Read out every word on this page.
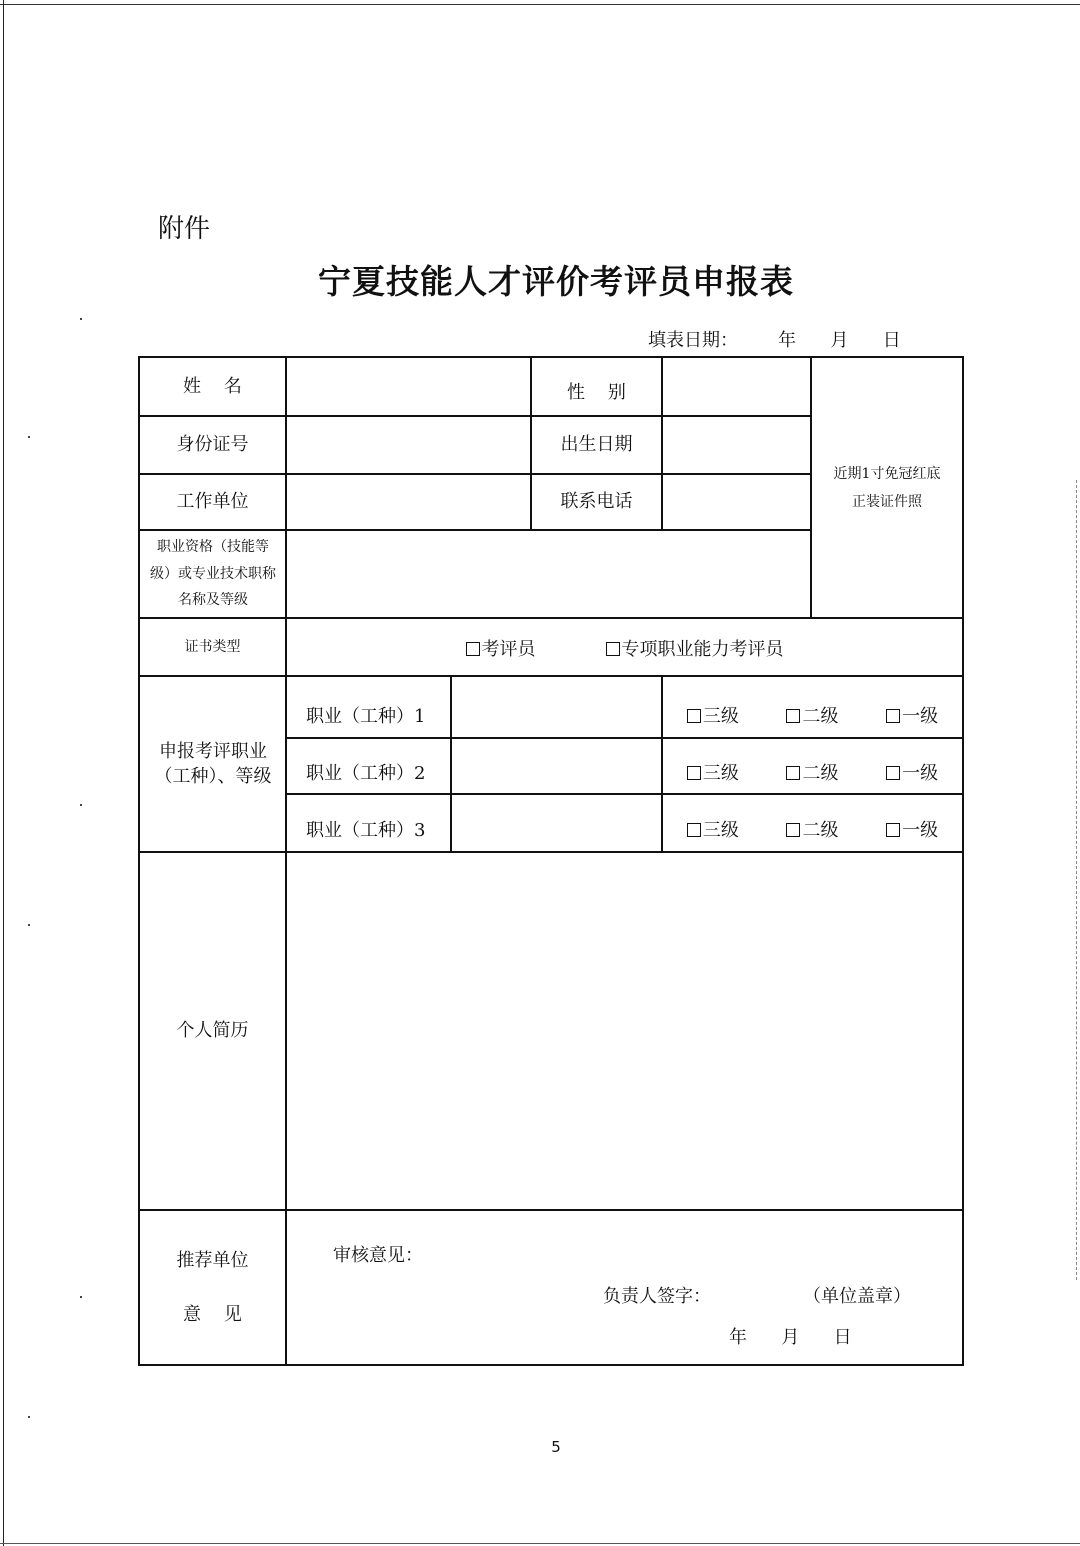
附件
宁夏技能人才评价考评员申报表
填表日期：       年      月      日
姓    名	性    别
身份证号	出生日期
工作单位	联系电话
近期1寸免冠红底
正装证件照
职业资格（技能等级）或专业技术职称名称及等级
证书类型	考评员	专项职业能力考评员
申报考评职业（工种）、等级
职业（工种）1	三级	二级	一级
职业（工种）2	三级	二级	一级
职业（工种）3	三级	二级	一级
个人简历
推荐单位
意    见
审核意见：
负责人签字：	（单位盖章）
年      月      日
5
